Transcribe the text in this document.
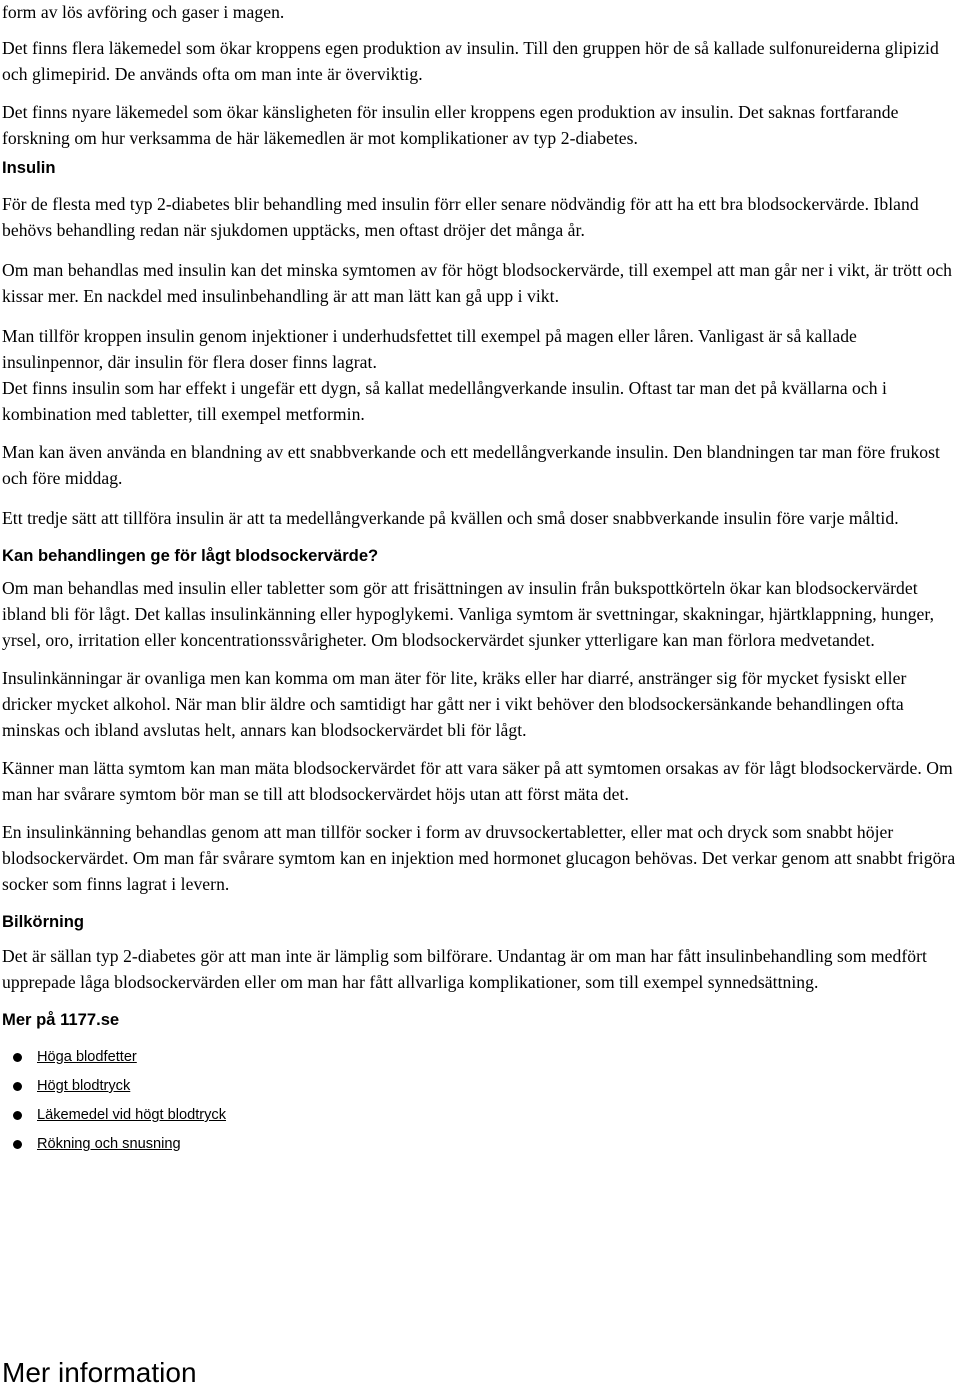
form av lös avföring och gaser i magen.

Det finns flera läkemedel som ökar kroppens egen produktion av insulin. Till den gruppen hör de så kallade sulfonureiderna glipizid och glimepirid. De används ofta om man inte är överviktig.

Det finns nyare läkemedel som ökar känsligheten för insulin eller kroppens egen produktion av insulin. Det saknas fortfarande forskning om hur verksamma de här läkemedlen är mot komplikationer av typ 2-diabetes.

Insulin

För de flesta med typ 2-diabetes blir behandling med insulin förr eller senare nödvändig för att ha ett bra blodsockervärde. Ibland behövs behandling redan när sjukdomen upptäcks, men oftast dröjer det många år.

Om man behandlas med insulin kan det minska symtomen av för högt blodsockervärde, till exempel att man går ner i vikt, är trött och kissar mer. En nackdel med insulinbehandling är att man lätt kan gå upp i vikt.

Man tillför kroppen insulin genom injektioner i underhudsfettet till exempel på magen eller låren. Vanligast är så kallade insulinpennor, där insulin för flera doser finns lagrat.

Det finns insulin som har effekt i ungefär ett dygn, så kallat medellångverkande insulin. Oftast tar man det på kvällarna och i kombination med tabletter, till exempel metformin.

Man kan även använda en blandning av ett snabbverkande och ett medellångverkande insulin. Den blandningen tar man före frukost och före middag.

Ett tredje sätt att tillföra insulin är att ta medellångverkande på kvällen och små doser snabbverkande insulin före varje måltid.

Kan behandlingen ge för lågt blodsockervärde?

Om man behandlas med insulin eller tabletter som gör att frisättningen av insulin från bukspottkörteln ökar kan blodsockervärdet ibland bli för lågt. Det kallas insulinkänning eller hypoglykemi. Vanliga symtom är svettningar, skakningar, hjärtklappning, hunger, yrsel, oro, irritation eller koncentrationssvårigheter. Om blodsockervärdet sjunker ytterligare kan man förlora medvetandet.

Insulinkänningar är ovanliga men kan komma om man äter för lite, kräks eller har diarré, anstränger sig för mycket fysiskt eller dricker mycket alkohol. När man blir äldre och samtidigt har gått ner i vikt behöver den blodsockersänkande behandlingen ofta minskas och ibland avslutas helt, annars kan blodsockervärdet bli för lågt.

Känner man lätta symtom kan man mäta blodsockervärdet för att vara säker på att symtomen orsakas av för lågt blodsockervärde. Om man har svårare symtom bör man se till att blodsockervärdet höjs utan att först mäta det.

En insulinkänning behandlas genom att man tillför socker i form av druvsockertabletter, eller mat och dryck som snabbt höjer blodsockervärdet. Om man får svårare symtom kan en injektion med hormonet glucagon behövas. Det verkar genom att snabbt frigöra socker som finns lagrat i levern.

Bilkörning

Det är sällan typ 2-diabetes gör att man inte är lämplig som bilförare. Undantag är om man har fått insulinbehandling som medfört upprepade låga blodsockervärden eller om man har fått allvarliga komplikationer, som till exempel synnedsättning.

Mer på 1177.se
Höga blodfetter
Högt blodtryck
Läkemedel vid högt blodtryck
Rökning och snusning
Mer information
